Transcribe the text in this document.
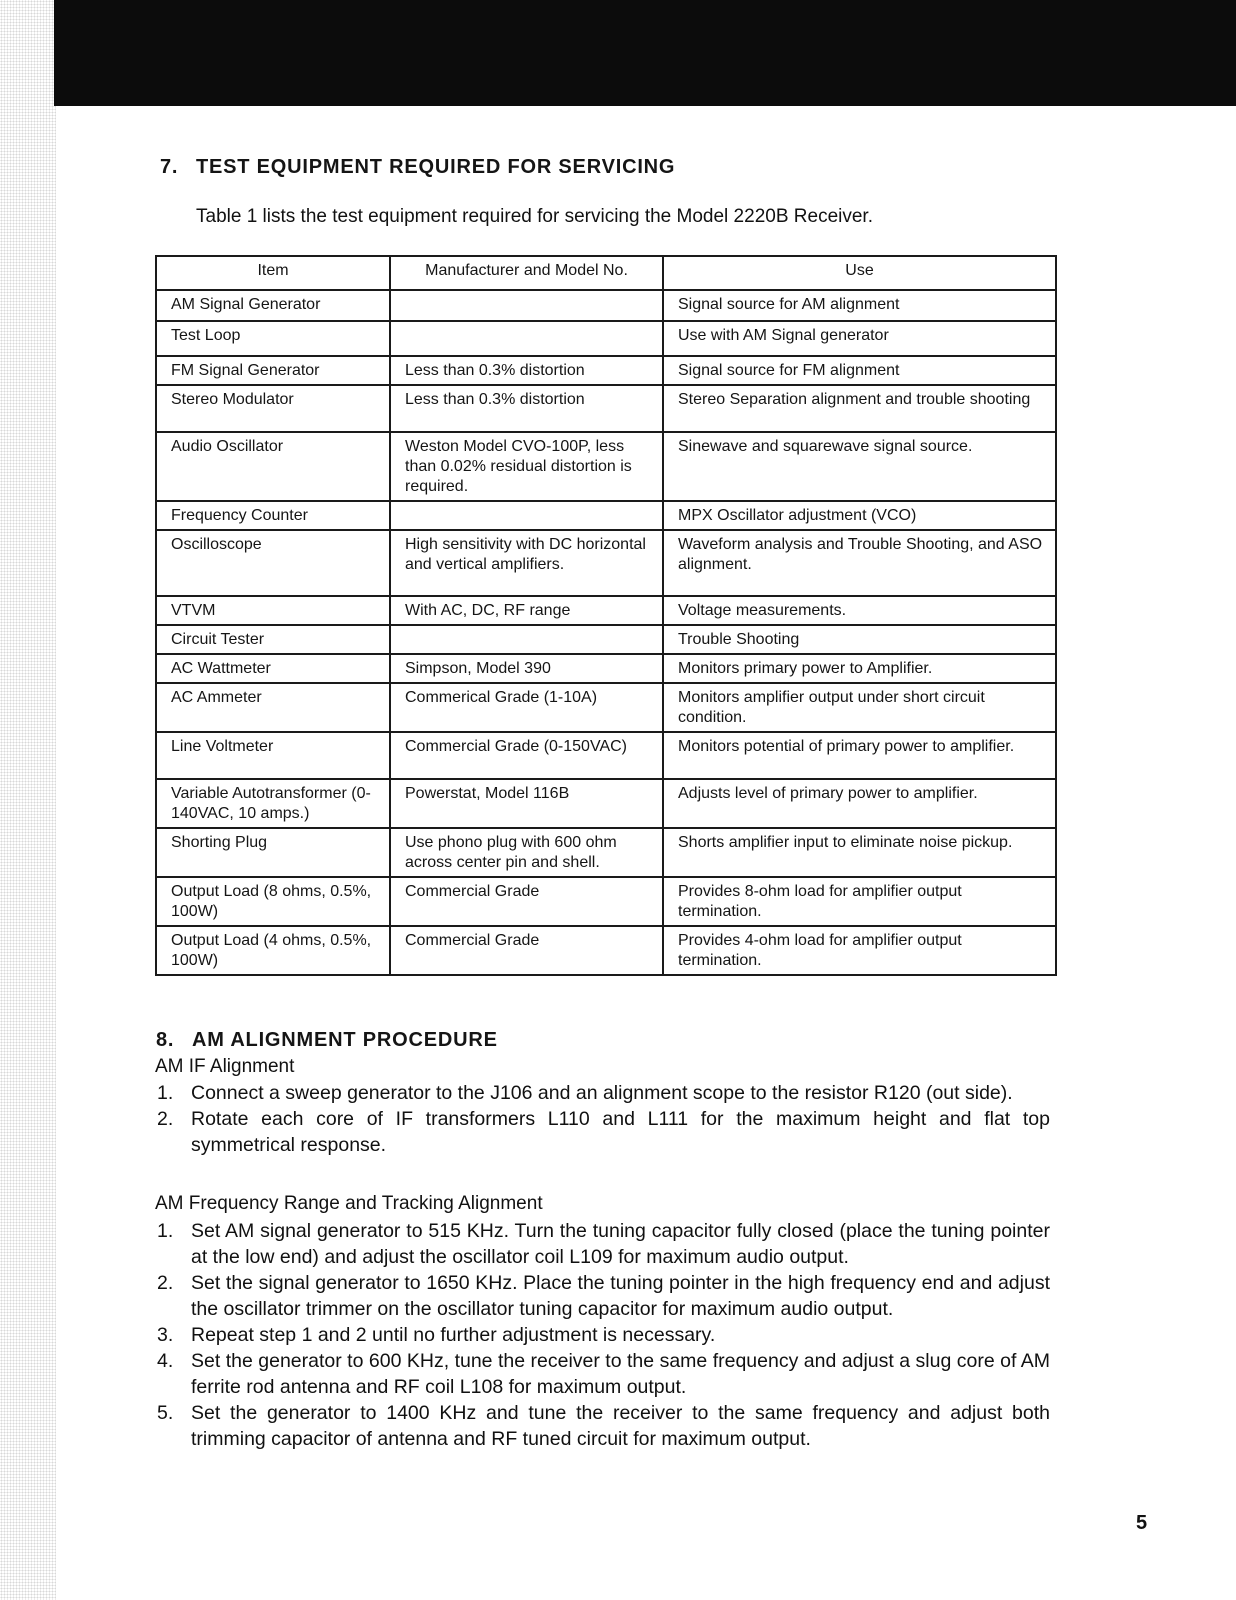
7. TEST EQUIPMENT REQUIRED FOR SERVICING

Table 1 lists the test equipment required for servicing the Model 2220B Receiver.

Item	Manufacturer and Model No.	Use
AM Signal Generator		Signal source for AM alignment
Test Loop		Use with AM Signal generator
FM Signal Generator	Less than 0.3% distortion	Signal source for FM alignment
Stereo Modulator	Less than 0.3% distortion	Stereo Separation alignment and trouble shooting
Audio Oscillator	Weston Model CVO-100P, less than 0.02% residual distortion is required.	Sinewave and squarewave signal source.
Frequency Counter		MPX Oscillator adjustment (VCO)
Oscilloscope	High sensitivity with DC horizontal and vertical amplifiers.	Waveform analysis and Trouble Shooting, and ASO alignment.
VTVM	With AC, DC, RF range	Voltage measurements.
Circuit Tester		Trouble Shooting
AC Wattmeter	Simpson, Model 390	Monitors primary power to Amplifier.
AC Ammeter	Commerical Grade (1-10A)	Monitors amplifier output under short circuit condition.
Line Voltmeter	Commercial Grade (0-150VAC)	Monitors potential of primary power to amplifier.
Variable Autotransformer (0-140VAC, 10 amps.)	Powerstat, Model 116B	Adjusts level of primary power to amplifier.
Shorting Plug	Use phono plug with 600 ohm across center pin and shell.	Shorts amplifier input to eliminate noise pickup.
Output Load (8 ohms, 0.5%, 100W)	Commercial Grade	Provides 8-ohm load for amplifier output termination.
Output Load (4 ohms, 0.5%, 100W)	Commercial Grade	Provides 4-ohm load for amplifier output termination.
8. AM ALIGNMENT PROCEDURE

AM IF Alignment

1. Connect a sweep generator to the J106 and an alignment scope to the resistor R120 (out side).
2. Rotate each core of IF transformers L110 and L111 for the maximum height and flat top symmetrical response.

AM Frequency Range and Tracking Alignment

1. Set AM signal generator to 515 KHz. Turn the tuning capacitor fully closed (place the tuning pointer at the low end) and adjust the oscillator coil L109 for maximum audio output.
2. Set the signal generator to 1650 KHz. Place the tuning pointer in the high frequency end and adjust the oscillator trimmer on the oscillator tuning capacitor for maximum audio output.
3. Repeat step 1 and 2 until no further adjustment is necessary.
4. Set the generator to 600 KHz, tune the receiver to the same frequency and adjust a slug core of AM ferrite rod antenna and RF coil L108 for maximum output.
5. Set the generator to 1400 KHz and tune the receiver to the same frequency and adjust both trimming capacitor of antenna and RF tuned circuit for maximum output.
5
